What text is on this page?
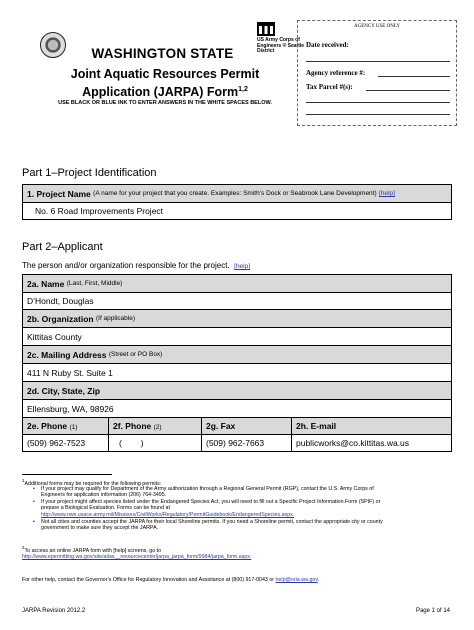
US Army Corps of Engineers ® Seattle District
WASHINGTON STATE
Joint Aquatic Resources Permit
Application (JARPA) Form$^{1,2}$
USE BLACK OR BLUE INK TO ENTER ANSWERS IN THE WHITE SPACES BELOW.
AGENCY USE ONLY
Date received:
Agency reference #:
Tax Parcel #(s):
Part 1–Project Identification
1. Project Name
(A name for your project that you create. Examples: Smith’s Dock or Seabrook Lane Development)
[help]
No. 6 Road Improvements Project
Part 2–Applicant
The person and/or organization responsible for the project. [help]
2a. Name
(Last, First, Middle)
D’Hondt, Douglas
2b. Organization
(If applicable)
Kittitas County
2c. Mailing Address
(Street or PO Box)
411 N Ruby St. Suite 1
2d. City, State, Zip
Ellensburg, WA, 98926
2e. Phone (1)	2f. Phone (2)	2g. Fax	2h. E-mail
(509) 962-7523	(        )	(509) 962-7663	publicworks@co.kittitas.wa.us
$^1$Additional forms may be required for the following permits:
• If your project may qualify for Department of the Army authorization through a Regional General Permit (RGP), contact the U.S. Army Corps of
Engineers for application information (206) 764-3495.
• If your project might affect species listed under the Endangered Species Act, you will need to fill out a Specific Project Information Form (SPIF) or
prepare a Biological Evaluation. Forms can be found at
http://www.nws.usace.army.mil/Missions/CivilWorks/Regulatory/PermitGuidebook/EndangeredSpecies.aspx.
• Not all cities and counties accept the JARPA for their local Shoreline permits. If you need a Shoreline permit, contact the appropriate city or county
government to make sure they accept the JARPA.
$^2$To access an online JARPA form with [help] screens, go to
http://www.epermitting.wa.gov/site/alias__resourcecenter/jarpa_jarpa_form/9984/jarpa_form.aspx.
For other help, contact the Governor’s Office for Regulatory Innovation and Assistance at (800) 917-0043 or help@oria.wa.gov.
JARPA Revision 2012.2	Page 1 of 14
